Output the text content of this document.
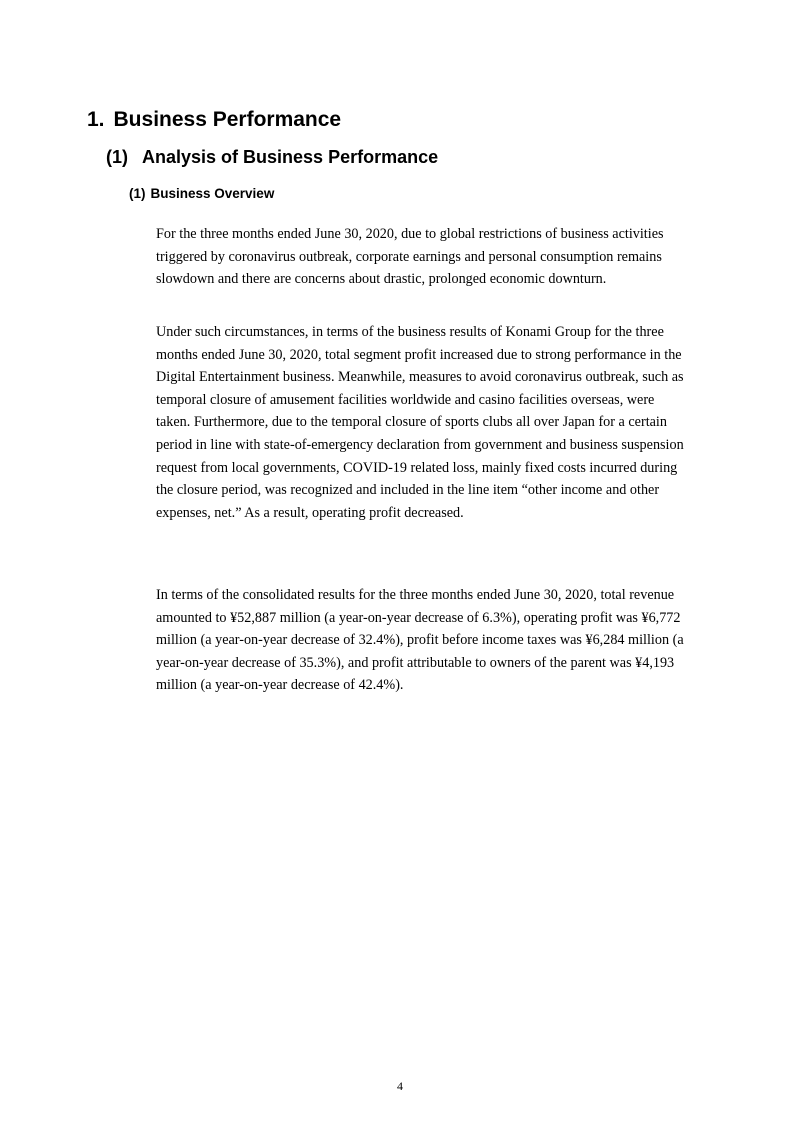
1. Business Performance
(1) Analysis of Business Performance
(1) Business Overview

For the three months ended June 30, 2020, due to global restrictions of business activities triggered by coronavirus outbreak, corporate earnings and personal consumption remains slowdown and there are concerns about drastic, prolonged economic downturn.

Under such circumstances, in terms of the business results of Konami Group for the three months ended June 30, 2020, total segment profit increased due to strong performance in the Digital Entertainment business. Meanwhile, measures to avoid coronavirus outbreak, such as temporal closure of amusement facilities worldwide and casino facilities overseas, were taken. Furthermore, due to the temporal closure of sports clubs all over Japan for a certain period in line with state-of-emergency declaration from government and business suspension request from local governments, COVID-19 related loss, mainly fixed costs incurred during the closure period, was recognized and included in the line item “other income and other expenses, net.” As a result, operating profit decreased.

In terms of the consolidated results for the three months ended June 30, 2020, total revenue amounted to ¥52,887 million (a year-on-year decrease of 6.3%), operating profit was ¥6,772 million (a year-on-year decrease of 32.4%), profit before income taxes was ¥6,284 million (a year-on-year decrease of 35.3%), and profit attributable to owners of the parent was ¥4,193 million (a year-on-year decrease of 42.4%).

4
